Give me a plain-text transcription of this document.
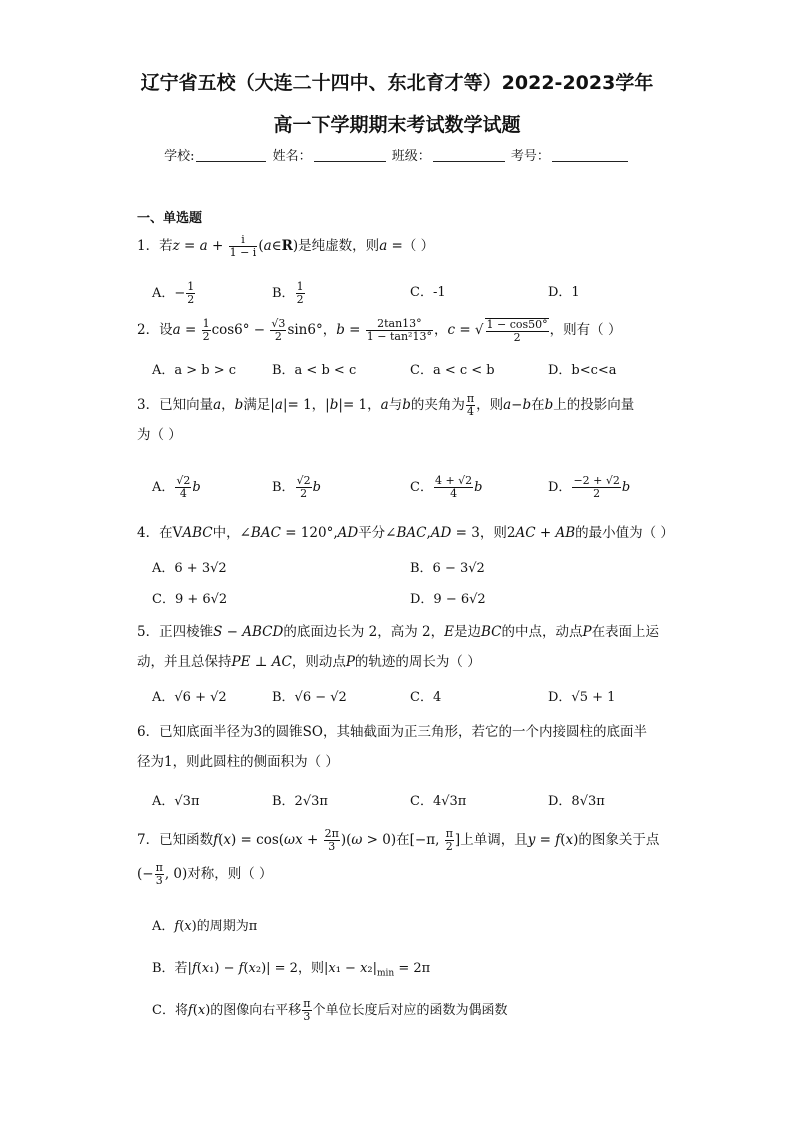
辽宁省五校（大连二十四中、东北育才等）2022-2023学年
高一下学期期末考试数学试题
学校:	姓名：	班级：	考号：
一、单选题
1．若$z = a + \frac{i}{1 - i}$ (a∈R)是纯虚数，则a =（ ）
A．− $\frac{1}{2}$	B． $\frac{1}{2}$	C．-1	D．1
2．设$a = \frac{1}{2} \cos 6^\circ - \frac{√3}{2} \sin 6^\circ$，$b = \frac{2\tan 13^\circ}{\text{1 − tan²13°}}$ ，c = √ $\frac{1 - \cos 50^\circ}{2}$ ，则有（ ）
A．a > b > c	B．a < b < c	C．a < c < b	D．b<c<a
3．已知向量a，b满足|a|= 1，|b|= 1，a与b的夹角为 $\frac{\pi}{4}$ ，则a−b在b上的投影向量
为（ ）
A． $\frac{√2}{4}$ b	B． $\frac{√2}{2}$ b	C． $\frac{4 + √2}{4}$ b	D． $\frac{-2 + √2}{2}$ b
4．在VABC中，∠BAC = 120°,AD平分∠BAC,AD = 3，则2AC + AB的最小值为（ ）
A．6 + 3√2	B．6 − 3√2
C．9 + 6√2	D．9 − 6√2
5．正四棱锥S − ABCD的底面边长为 2，高为 2，E是边BC的中点，动点P在表面上运
动，并且总保持PE ⊥ AC，则动点P的轨迹的周长为（ ）
A．√6 + √2	B．√6 − √2	C．4	D．√5 + 1
6．已知底面半径为3的圆锥SO，其轴截面为正三角形，若它的一个内接圆柱的底面半
径为1，则此圆柱的侧面积为（ ）
A．√3π	B．2√3π	C．4√3π	D．8√3π
7．已知函数$f(x) = \cos(\omega x + \frac{2\pi}{3} )(\omega > 0)$在[−π, $\frac{\pi}{2}$ ]上单调，且y = f(x)的图象关于点
(− $\frac{\pi}{3}$ , 0)对称，则（ ）
A．f(x)的周期为π
B．若|f(x₁) − f(x₂)| = 2，则$|x_1 - x_2|_{min} = 2\pi$
C．将f(x)的图像向右平移 $\frac{\pi}{3}$ 个单位长度后对应的函数为偶函数
